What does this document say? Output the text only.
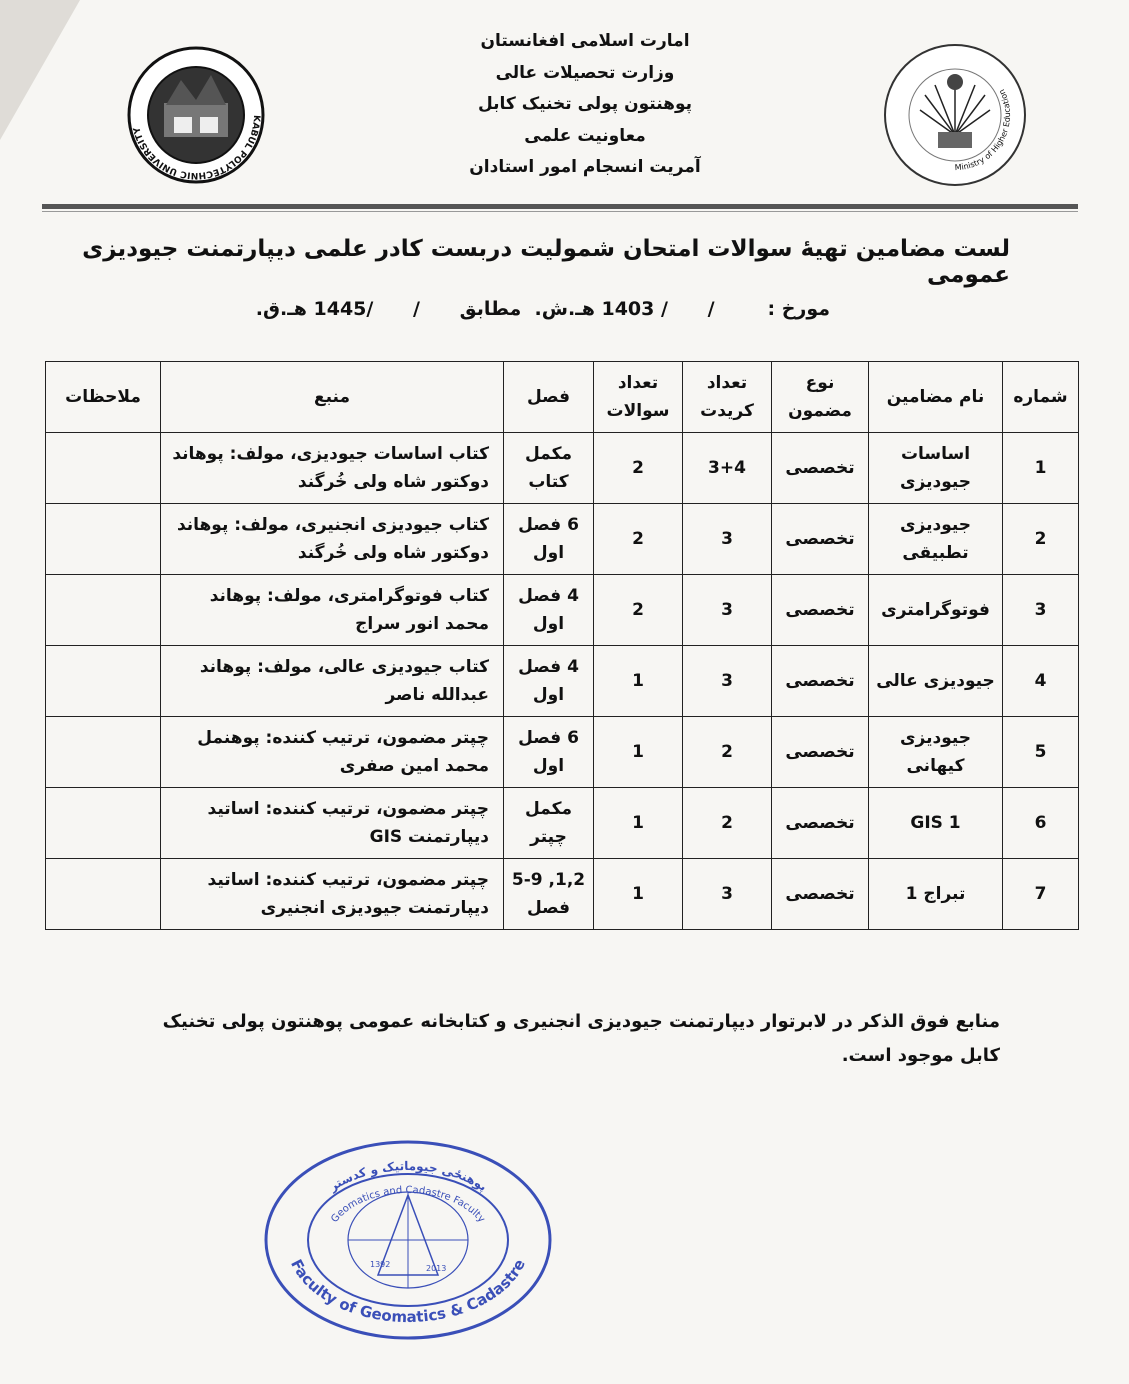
KABUL POLYTECHNIC UNIVERSITY
Ministry of Higher Education
امارت اسلامی افغانستان
وزارت تحصیلات عالی
پوهنتون پولی تخنیک کابل
معاونیت علمی
آمریت انسجام امور استادان
لست مضامین تهیۀ سوالات امتحان شمولیت دربست کادر علمی دیپارتمنت جیودیزی عمومی
مورخ :        /      / 1403 هـ.ش.  مطابق      /      /1445 هـ.ق.
شماره	نام مضامین	نوع مضمون	تعداد کریدت	تعداد سوالات	فصل	منبع	ملاحظات
1	اساسات جیودیزی	تخصصی	3+4	2	مکمل کتاب	کتاب اساسات جیودیزی، مولف: پوهاند دوکتور شاه ولی خُرگند	
2	جیودیزی تطبیقی	تخصصی	3	2	6 فصل اول	کتاب جیودیزی انجنیری، مولف: پوهاند دوکتور شاه ولی خُرگند	
3	فوتوگرامتری	تخصصی	3	2	4 فصل اول	کتاب فوتوگرامتری، مولف: پوهاند محمد انور سراج	
4	جیودیزی عالی	تخصصی	3	1	4 فصل اول	کتاب جیودیزی عالی، مولف: پوهاند عبدالله ناصر	
5	جیودیزی کیهانی	تخصصی	2	1	6 فصل اول	چپتر مضمون، ترتیب کننده: پوهنمل محمد امین صفری	
6	GIS 1	تخصصی	2	1	مکمل چپتر	چپتر مضمون، ترتیب کننده: اساتید دیپارتمنت GIS	
7	تبراج 1	تخصصی	3	1	1,2, 5-9 فصل	چپتر مضمون، ترتیب کننده: اساتید دیپارتمنت جیودیزی انجنیری	
منابع فوق الذکر در لابرتوار دیپارتمنت جیودیزی انجنیری و کتابخانه عمومی پوهنتون پولی تخنیک کابل موجود است.
Faculty of Geomatics & Cadastre
پوهنځی جیوماتیک و کدستر
Geomatics and Cadastre Faculty
1392	2013
